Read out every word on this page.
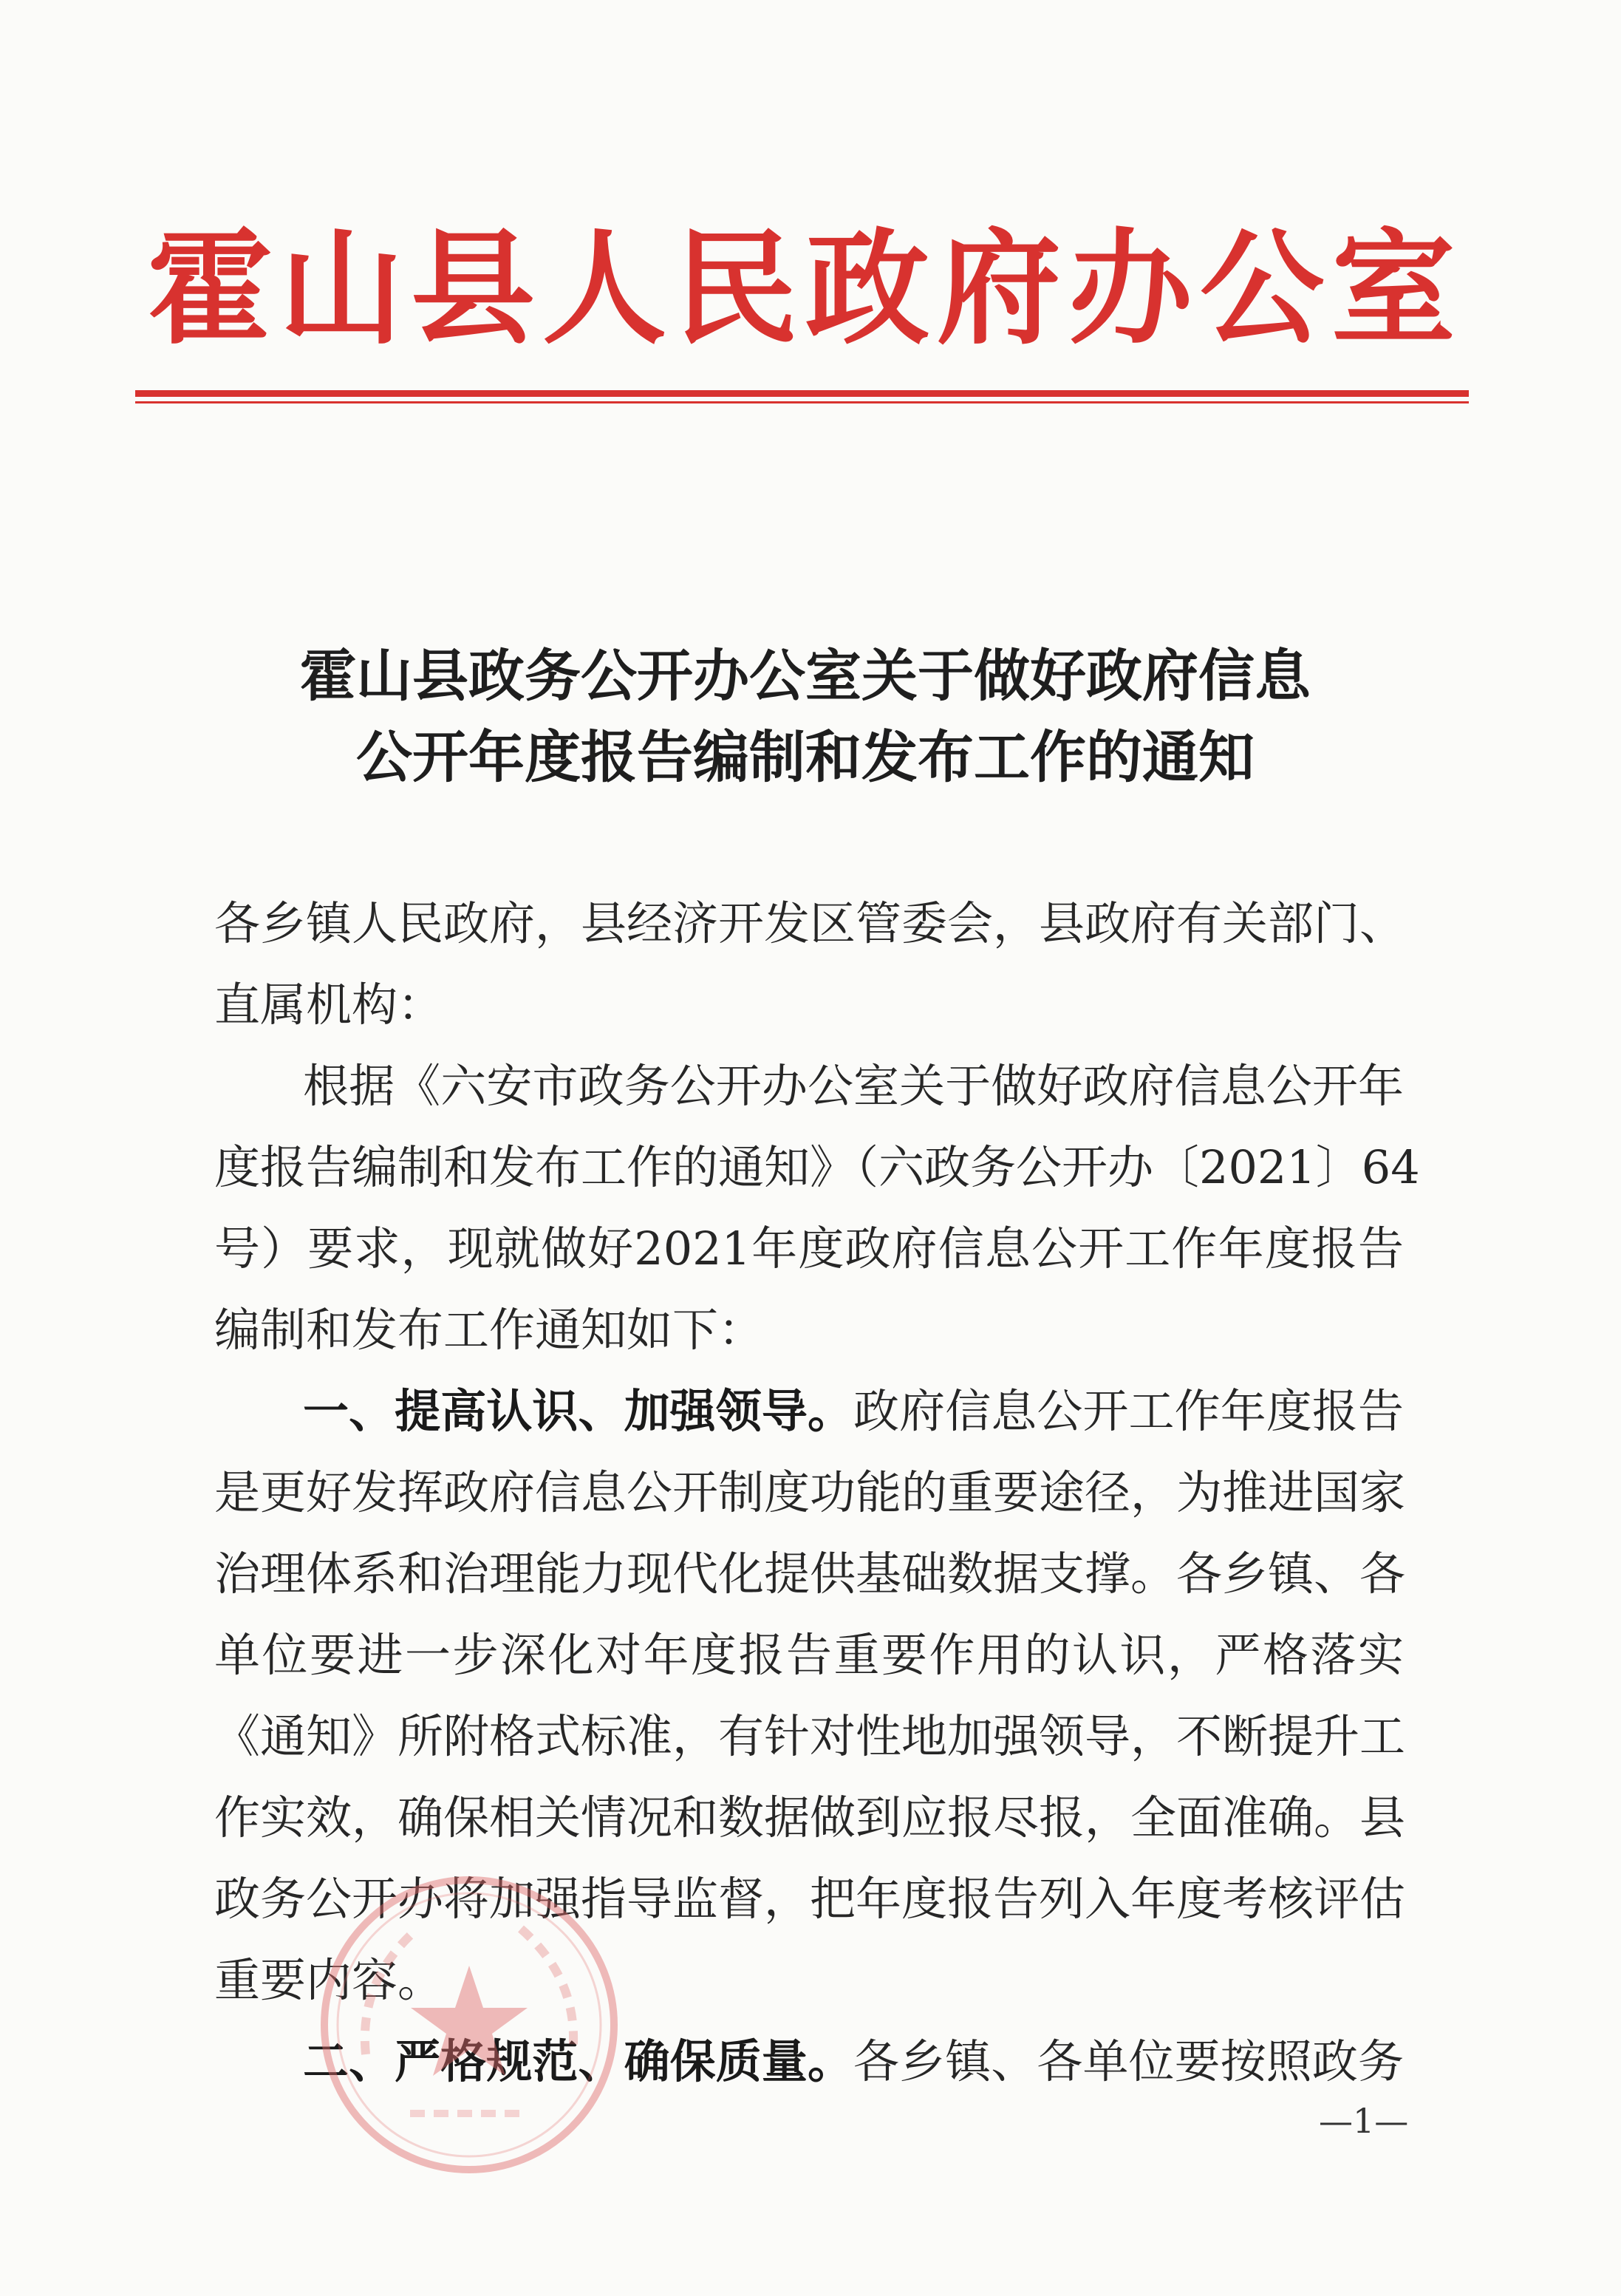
霍山县人民政府办公室
霍山县政务公开办公室关于做好政府信息
公开年度报告编制和发布工作的通知
各乡镇人民政府，县经济开发区管委会，县政府有关部门、
直属机构：
根据《六安市政务公开办公室关于做好政府信息公开年
度报告编制和发布工作的通知》（六政务公开办〔2021〕64
号）要求，现就做好2021年度政府信息公开工作年度报告
编制和发布工作通知如下：
一、提高认识、加强领导。政府信息公开工作年度报告
是更好发挥政府信息公开制度功能的重要途径，为推进国家
治理体系和治理能力现代化提供基础数据支撑。各乡镇、各
单位要进一步深化对年度报告重要作用的认识，严格落实
《通知》所附格式标准，有针对性地加强领导，不断提升工
作实效，确保相关情况和数据做到应报尽报，全面准确。县
政务公开办将加强指导监督，把年度报告列入年度考核评估
重要内容。
二、严格规范、确保质量。各乡镇、各单位要按照政务
—1—
